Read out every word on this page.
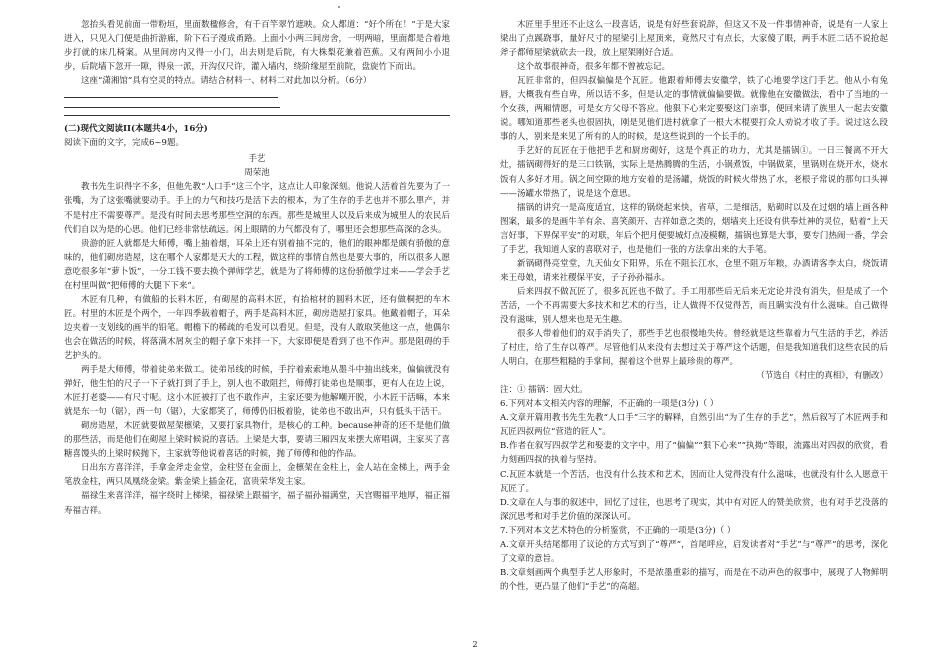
忽抬头看见前面一带粉垣，里面数楹修舍，有千百竿翠竹遮映。众人都道：“好个所在！”于是大家进入，只见入门便是曲折游廊，阶下石子漫成甬路。上面小小两三间房舍，一明两暗，里面都是合着地步打就的床几椅案。从里间房内又得一小门，出去则是后院，有大株梨花兼着芭蕉。又有两间小小退步，后院墙下忽开一隙，得泉一派，开沟仅尺许，灌入墙内，绕阶缘屋至前院，盘旋竹下而出。

这座“潇湘馆”具有空灵的特点。请结合材料一、材料二对此加以分析。（6分）

(二)现代文阅读II(本题共4小，16分)

阅读下面的文字，完成6~9题。

手艺

周荣池

教书先生识得字不多，但他先教“人口手”这三个字，这点让人印象深刻。他说人活着首先要为了一张嘴，为了这张嘴就要动手。手上的力气和技巧是活下去的根本，为了生存的手艺也并不那么單产，并不是村庄不需要尊严。是没有时间去思考那些空洞的东西。那些是城里人以及后来成为城里人的农民后代们自以为是的心思。他们已经非常怯疏远。闲上眼睛的力气都没有了，哪里还会想那些高深的念头。

贵游的匠人就都是大师傅，嘴上抽着烟，耳朵上还有别着抽不完的，他们的眼神都是颇有骄傲的意味的，他们砌房造屋，这在哪个人家都是天大的工程，做这样的事情自然也是要大事的，所以很多人愿意吃很多年“萝卜饭”，一分工钱不要去换个弹师学艺，就是为了将师傅的这份骄傲学过来——学会手艺在村里叫做“把师傅的大腿下下来”。

木匠有几种，有做船的长料木匠，有砌屋的高料木匠，有抬棺材的圆料木匠，还有做桐把的车木匠。村里的木匠是个两个，一年四季载着帽子，两手是高料木匠，砌房造屋打家具。他戴着帽子，耳朵边夹着一支划线的画半的铅笔。帽檐下的稀疏的毛发可以看见。但是，没有人敢取笑他这一点，他偶尔也会在做活的时候，将落满木屑灰尘的帽子拿下来拌一下，大家即便是看到了也不作声。那是阻碍的手艺护头的。

两手是大师傅，带着徒弟来做工。徒弟吊线的时候，手拧着索索地从墨斗中抽出线来，偏偏就没有弹好，他生怕的尺子一下子就打到了手上，别人也不敢阻拦，师傅打徒弟也是顺事，更有人在边上说，木匠打老婆——有尺寸呢。这小木匠被打了也不敢作声，主家还要为他解嘲开脱，小木匠干活嘛，本来就是东一句（锯），西一句（锯），大家都笑了，师傅仍旧板着脸，徒弟也不敢出声，只有低头干活干。

砌房造屋，木匠就要做屋架檩梁，又要打家具物什，是核心的工种。because神奇的还不是他们做的那些活，而是他们在砌屋上梁时候说的喜话。上梁是大事，要请三厢四友来摆大席唱调，主家买了喜糖喜馒头的上梁时候抛下，主家就等他说着喜话的时候，抛了师傅和他的作品。

日出东方喜洋洋，手拿金斧走金堂，金柱竖在金面上，金檩架在金柱上，金人站在金梯上，两手金笔放金柱，两只凤凰绕金梁。紫金梁上插金花，富贵荣华发主家。

福禄生来喜洋洋，福字绕时上梯梁，福禄梁上跟福字，福子福孙福满堂，天宫赐福平地厚，福正福寿福吉祥。

木匠里手里还不止这么一段喜话，说是有好些套说辞，但这又不及一件事情神奇，说是有一人家上梁出了点蹊跷事，量好尺寸的屋梁引上屋顶来，竟然尺寸有点长，大家傻了眼，两手木匠二话不说抢起斧子都师屋梁就砍去一段，放上屋架刚好合适。

这个故事很神奇，很多年都不曾被忘记。

瓦匠非常的，但四叔偏偏是个瓦匠。他跟着师傅去安徽学，铁了心地要学这门手艺。他从小有兔唇，大概我有些自卑，所以话不多，但是认定的事情就偏偏要做。就像他在安徽做法，看中了当地的一个女孩，两厢情愿，可是女方父母不答应。他狠下心来定要娶这门亲事，便回来请了族里人一起去安徽说。哪知道那些老头也很固执，刚是见他们进村就拿了一根大木棍要打众人劝说才收了手。说过这么段事的人，别来是来见了所有的人的时候，是这些说到的一个长手的。

手艺好的瓦匠在于他把手艺和厨房砌好，这是个真正的功力，尤其是擂锅①。一日三餐离不开大灶，擂锅砌得好的是三口铁锅，实际上是热腾腾的生活，小锅煮饭，中锅做菜，里锅则在烧开水，烧水饭有人多好才用。锅之间空隙的地方安着的是汤罐，烧饭的时候火带热了水，老根子常说的那句口头禅——汤罐水带热了，说是这个意思。

擂锅的讲究一是高度适宜，这样的锅烧起来快，省草，二是细活，贴砌时以及在过烟的墙上画各种图案，最多的是画牛羊有余、喜笑颜开、吉祥如意之类的，烟墙夹上还设有供奉灶神的灵位，贴着“上天言好事，下界保平安”的对联，年后个把月便要城灯点凌模糊，擂锅也算是大事，要专门热闹一番，学会了手艺，我知道人家的喜联对子，也是他们一张的方法拿出来的大手笔。

新锅砌得亮堂堂，九天仙女下阳界，乐在不阻长江水，仓里不阻万年粮，办酒请客李太白，烧饭请来王母娘，请来社稷保平安，子子孙孙福永。

后来四叔不做瓦匠了，很多瓦匠也不做了。手工用那些后无后来无定论并没有消失，但是成了一个苦活，一个不再需要大多技术和艺术的行当，让人做得不仅觉得苦，而且瞒实没有什么滋味。自己做得没有滋味，别人想来也是无生趣。

很多人带着他们的双手消失了，那些手艺也很慢地失传。曾经就是这些靠着力气生活的手艺，养活了村庄，给了生存以尊严。尽管他们从来没有去想过关于尊严这个话题，但是我知道我们这些农民的后人明白，在那些粗糙的手掌间，握着这个世界上最珍贵的尊严。

（节选自《村庄的真相》，有删改）

注：① 擂锅：固大灶。

6.下列对本文相关内容的理解，不正确的一项是(3分)（ ）

A.文章开篇用教书先生先教“人口手”三字的解释，自然引出“为了生存的手艺”，然后叙写了木匠两手和瓦匠四叔两位“营造的匠人”。

B.作者在叙写四叔学艺和娶妻的文字中，用了“偏偏”“狠下心来”“执拗”等眼，流露出对四叔的欣赏，看力刻画四叔的执着与坚持。

C.瓦匠本就是一个苦活，也没有什么技术和艺术，因而让人觉得没有什么滋味，也就没有什么人愿意干瓦匠了。

D.文章在人与事的叙述中，回忆了过往，也思考了现实，其中有对匠人的赞美欣赏，也有对手艺没落的深沉思考和对手艺价值的深深认可。

7.下列对本文艺术特色的分析鉴赏，不正确的一项是(3分)（ ）

A.文章开头结尾都用了议论的方式写到了“尊严”，首尾呼应，启发读者对“手艺”与“尊严”的思考，深化了文章的意旨。

B.文章刻画两个典型手艺人形象时，不是浓墨重彩的描写，而是在不动声色的叙事中，展现了人物鲜明的个性，更凸显了他们“手艺”的高超。

2
